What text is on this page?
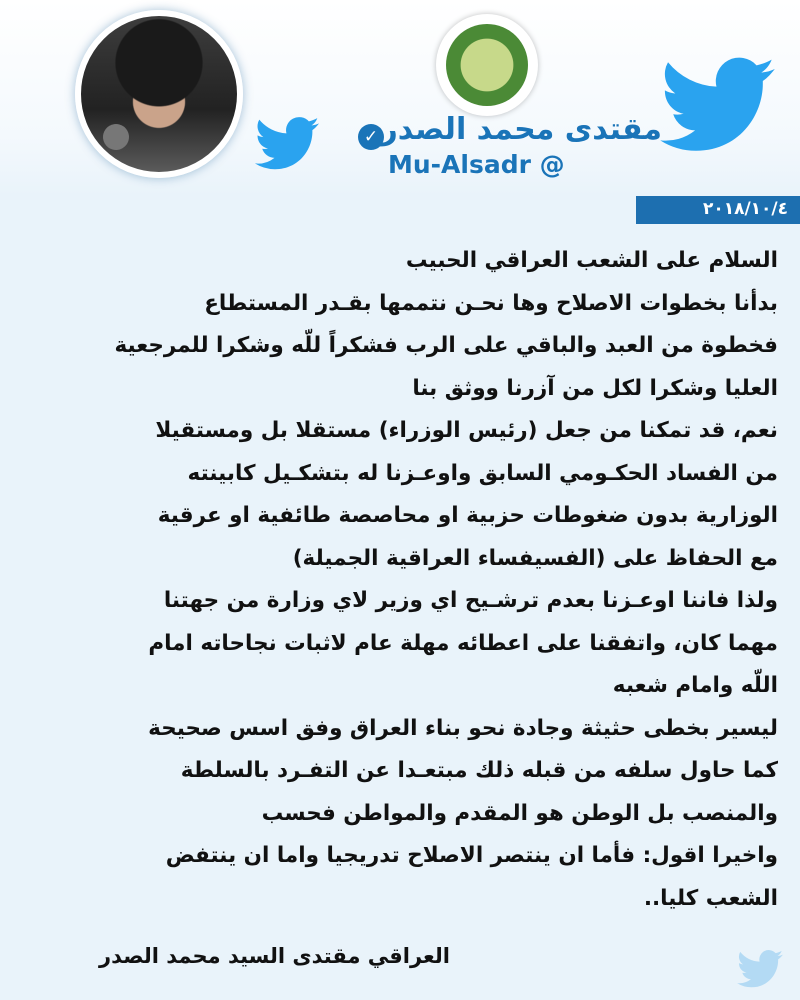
✓ مقتدى محمد الصدر
Mu-Alsadr @
٢٠١٨/١٠/٤
السلام على الشعب العراقي الحبيب
بدأنا بخطوات الاصلاح وها نحـن نتممها بقـدر المستطاع
فخطوة من العبد والباقي على الرب فشكراً للّه وشكرا للمرجعية
العليا وشكرا لكل من آزرنا ووثق بنا
نعم، قد تمكنا من جعل (رئيس الوزراء) مستقلا بل ومستقيلا
من الفساد الحكـومي السابق واوعـزنا له بتشكـيل كابينته
الوزارية بدون ضغوطات حزبية او محاصصة طائفية او عرقية
مع الحفاظ على (الفسيفساء العراقية الجميلة)
ولذا فاننا اوعـزنا بعدم ترشـيح اي وزير لاي وزارة من جهتنا
مهما كان، واتفقنا على اعطائه مهلة عام لاثبات نجاحاته امام
اللّه وامام شعبه
ليسير بخطى حثيثة وجادة نحو بناء العراق وفق اسس صحيحة
كما حاول سلفه من قبله ذلك مبتعـدا عن التفـرد بالسلطة
والمنصب بل الوطن هو المقدم والمواطن فحسب
واخيرا اقول: فأما ان ينتصر الاصلاح تدريجيا واما ان ينتفض
الشعب كليا..
العراقي مقتدى السيد محمد الصدر
